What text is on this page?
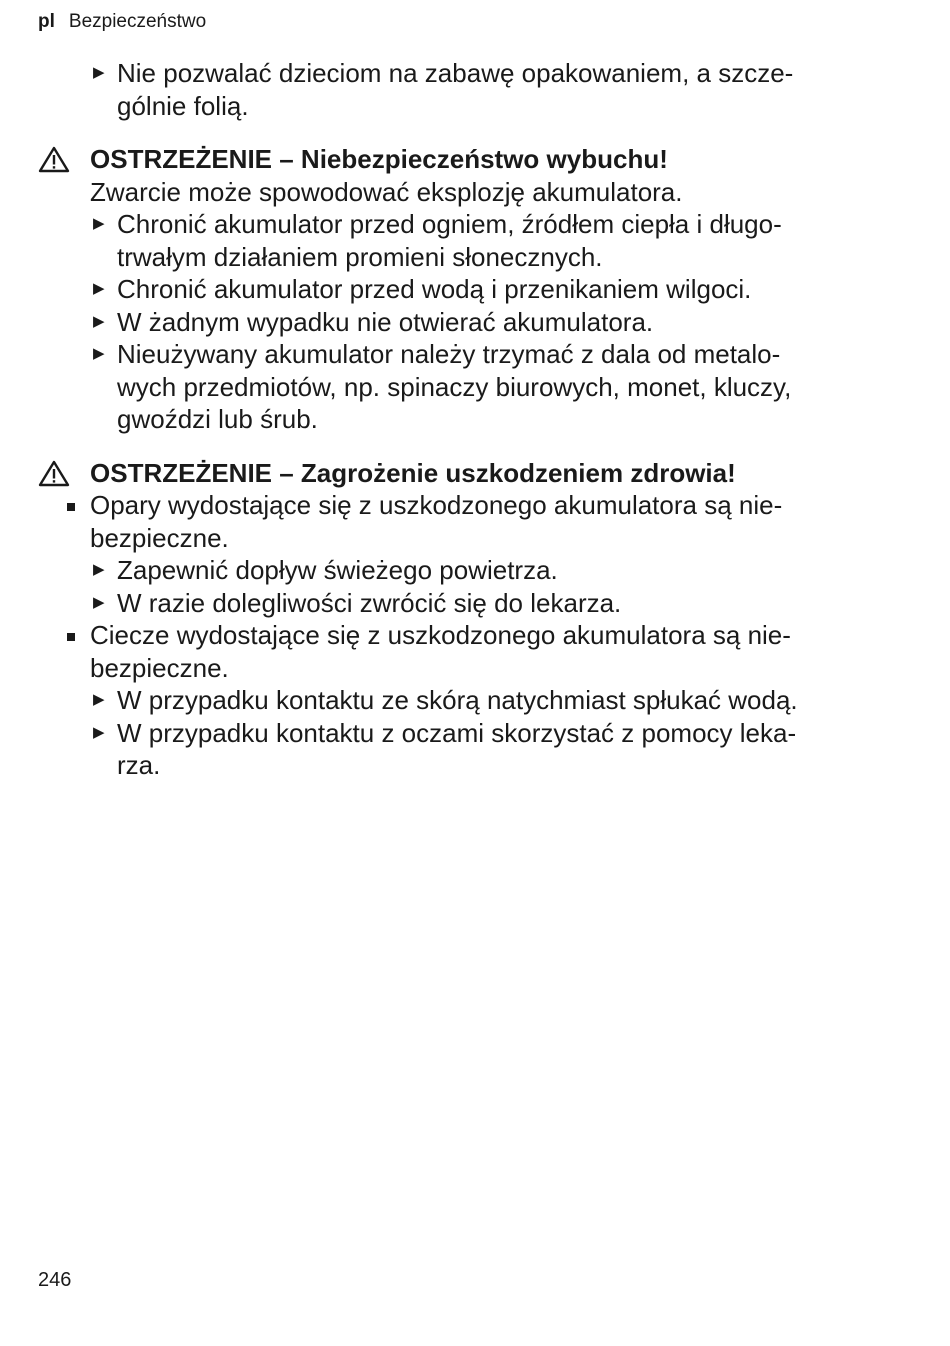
pl Bezpieczeństwo
▶ Nie pozwalać dzieciom na zabawę opakowaniem, a szcze-
gólnie folią.
OSTRZEŻENIE – Niebezpieczeństwo wybuchu!
Zwarcie może spowodować eksplozję akumulatora.
▶ Chronić akumulator przed ogniem, źródłem ciepła i długo-
trwałym działaniem promieni słonecznych.
▶ Chronić akumulator przed wodą i przenikaniem wilgoci.
▶ W żadnym wypadku nie otwierać akumulatora.
▶ Nieużywany akumulator należy trzymać z dala od metalo-
wych przedmiotów, np. spinaczy biurowych, monet, kluczy,
gwoździ lub śrub.
OSTRZEŻENIE – Zagrożenie uszkodzeniem zdrowia!
Opary wydostające się z uszkodzonego akumulatora są nie-
bezpieczne.
▶ Zapewnić dopływ świeżego powietrza.
▶ W razie dolegliwości zwrócić się do lekarza.
Ciecze wydostające się z uszkodzonego akumulatora są nie-
bezpieczne.
▶ W przypadku kontaktu ze skórą natychmiast spłukać wodą.
▶ W przypadku kontaktu z oczami skorzystać z pomocy leka-
rza.
246
